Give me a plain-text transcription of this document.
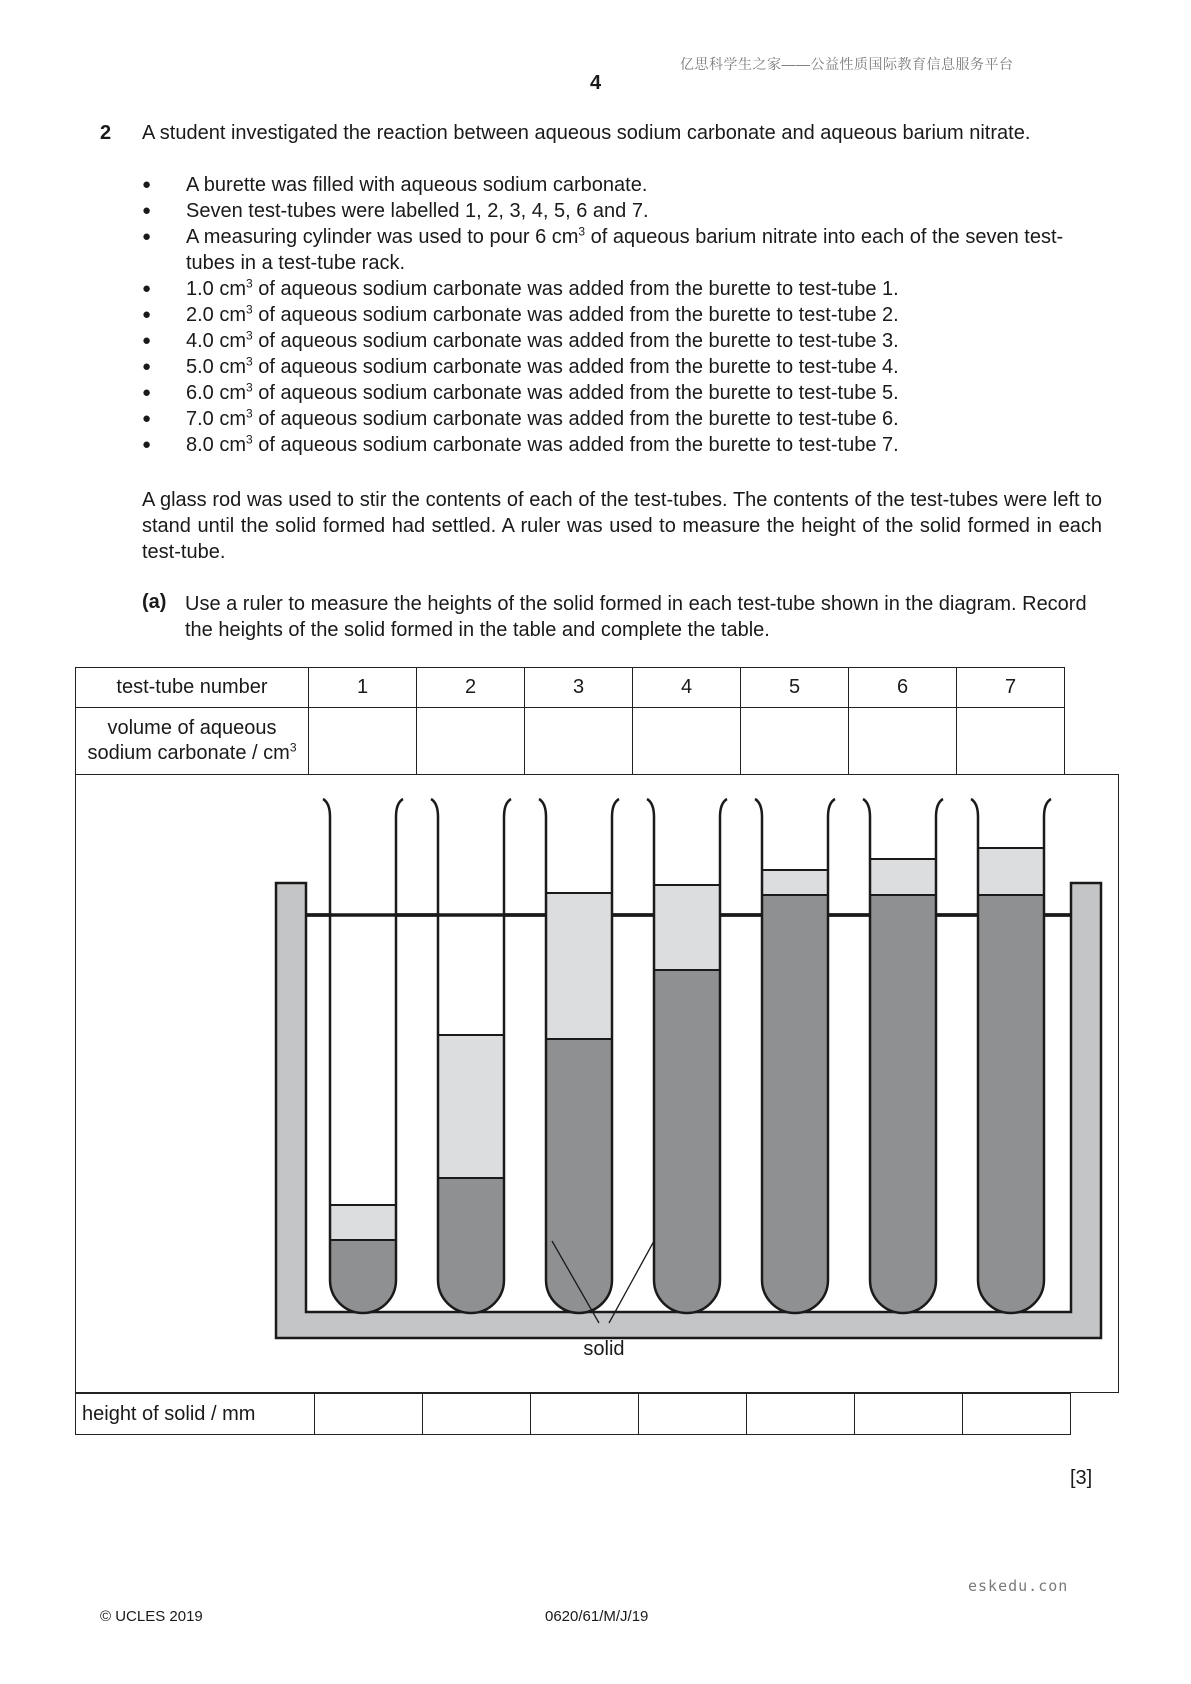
亿思科学生之家——公益性质国际教育信息服务平台
4
2 A student investigated the reaction between aqueous sodium carbonate and aqueous barium nitrate.
● A burette was filled with aqueous sodium carbonate.
● Seven test-tubes were labelled 1, 2, 3, 4, 5, 6 and 7.
● A measuring cylinder was used to pour 6 $cm^3$ of aqueous barium nitrate into each of the seven test-tubes in a test-tube rack.
● 1.0 $cm^3$ of aqueous sodium carbonate was added from the burette to test-tube 1.
● 2.0 $cm^3$ of aqueous sodium carbonate was added from the burette to test-tube 2.
● 4.0 $cm^3$ of aqueous sodium carbonate was added from the burette to test-tube 3.
● 5.0 $cm^3$ of aqueous sodium carbonate was added from the burette to test-tube 4.
● 6.0 $cm^3$ of aqueous sodium carbonate was added from the burette to test-tube 5.
● 7.0 $cm^3$ of aqueous sodium carbonate was added from the burette to test-tube 6.
● 8.0 $cm^3$ of aqueous sodium carbonate was added from the burette to test-tube 7.
A glass rod was used to stir the contents of each of the test-tubes. The contents of the test-tubes were left to stand until the solid formed had settled. A ruler was used to measure the height of the solid formed in each test-tube.
(a) Use a ruler to measure the heights of the solid formed in each test-tube shown in the diagram. Record the heights of the solid formed in the table and complete the table.
test-tube number	1	2	3	4	5	6	7
volume of aqueous
sodium carbonate / $cm^3$							
solid
height of solid / mm							
[3]
eskedu.con
© UCLES 2019	0620/61/M/J/19
